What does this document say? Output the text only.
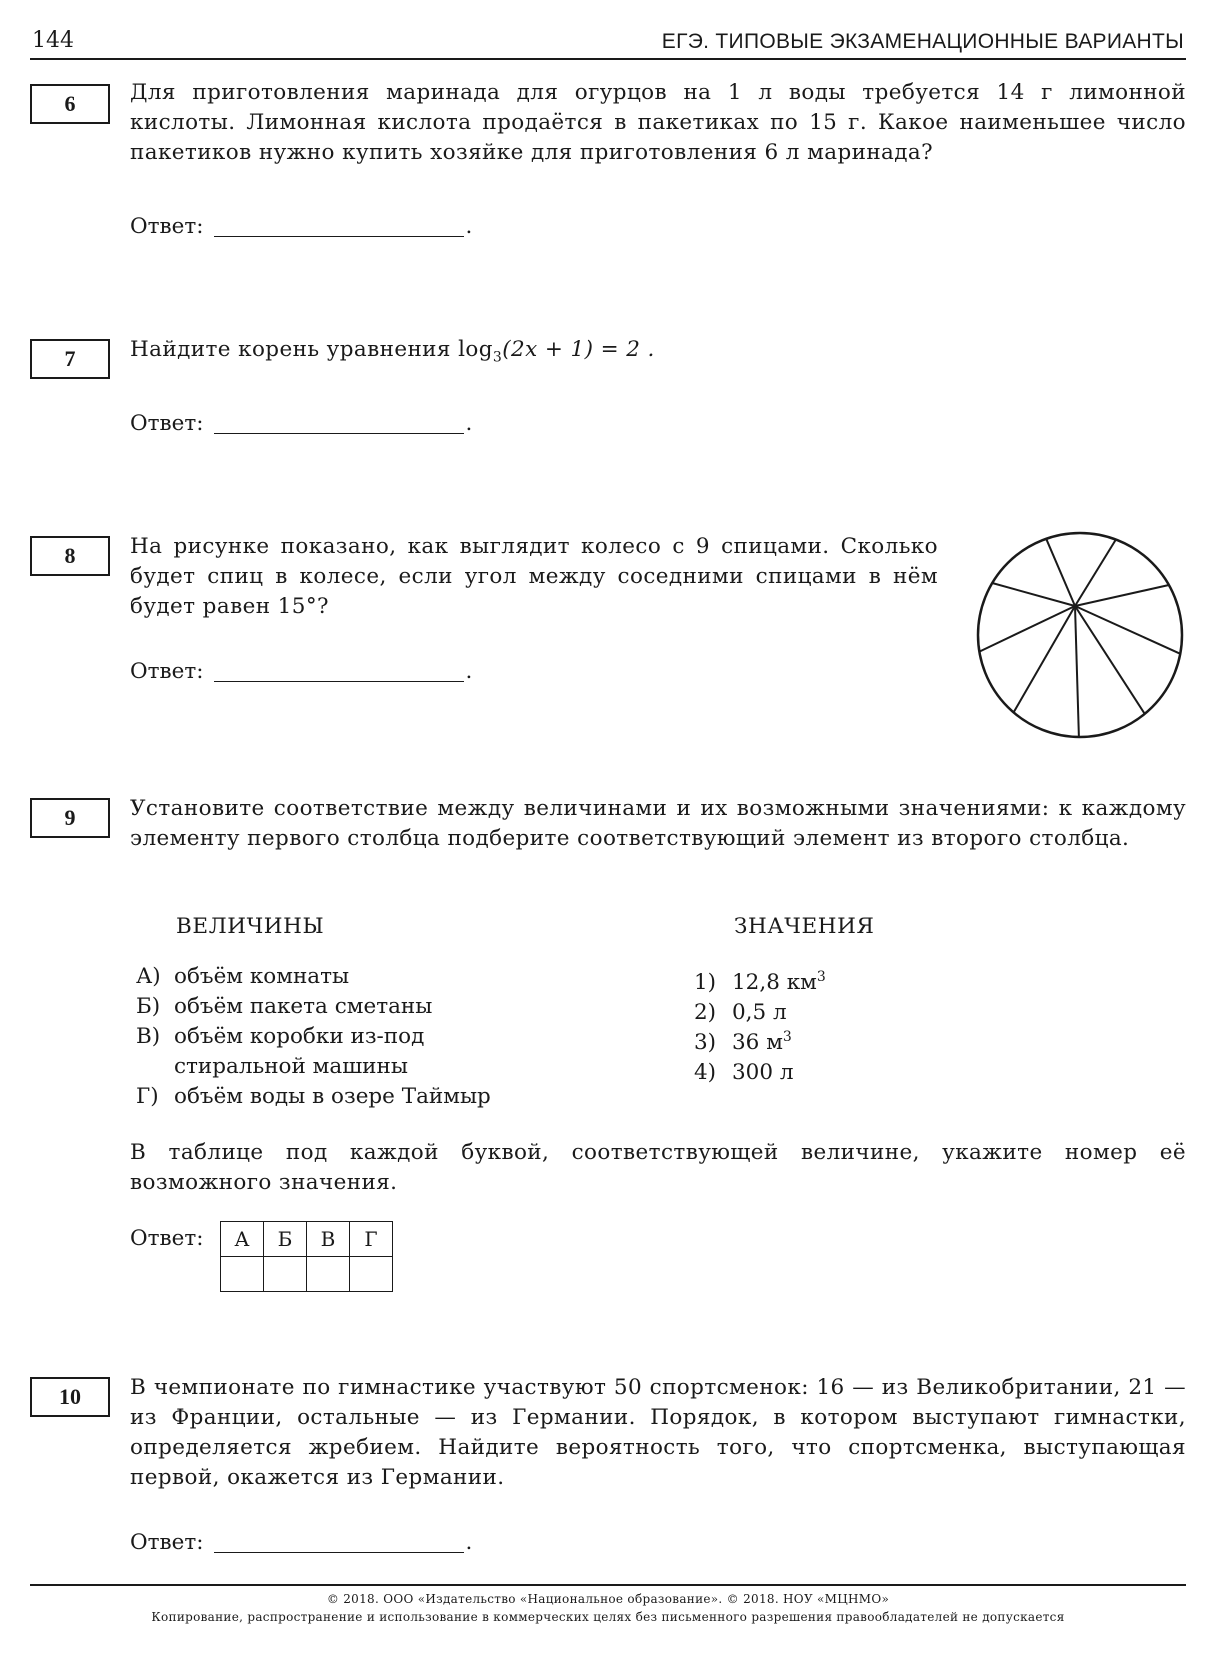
144	ЕГЭ. ТИПОВЫЕ ЭКЗАМЕНАЦИОННЫЕ ВАРИАНТЫ
6	Для приготовления маринада для огурцов на 1 л воды требуется 14 г лимонной кислоты. Лимонная кислота продаётся в пакетиках по 15 г. Какое наименьшее число пакетиков нужно купить хозяйке для приготовления 6 л маринада?
Ответ:	.
7	Найдите корень уравнения $\log_3(2x + 1) = 2$ .
Ответ:	.
8	На рисунке показано, как выглядит колесо с 9 спицами. Сколько будет спиц в колесе, если угол между соседними спицами в нём будет равен 15°?
Ответ:	.
9	Установите соответствие между величинами и их возможными значениями: к каждому элементу первого столбца подберите соответствующий элемент из второго столбца.
ВЕЛИЧИНЫ	ЗНАЧЕНИЯ
А) объём комнаты
Б) объём пакета сметаны
В) объём коробки из-под
стиральной машины
Г) объём воды в озере Таймыр
1) 12,8 $км^3$
2) 0,5 л
3) 36 $м^3$
4) 300 л
В таблице под каждой буквой, соответствующей величине, укажите номер её возможного значения.
Ответ: А	Б	В	Г

10	В чемпионате по гимнастике участвуют 50 спортсменок: 16 — из Великобритании, 21 — из Франции, остальные — из Германии. Порядок, в котором выступают гимнастки, определяется жребием. Найдите вероятность того, что спортсменка, выступающая первой, окажется из Германии.
Ответ:	.
© 2018. ООО «Издательство «Национальное образование». © 2018. НОУ «МЦНМО»
Копирование, распространение и использование в коммерческих целях без письменного разрешения правообладателей не допускается
